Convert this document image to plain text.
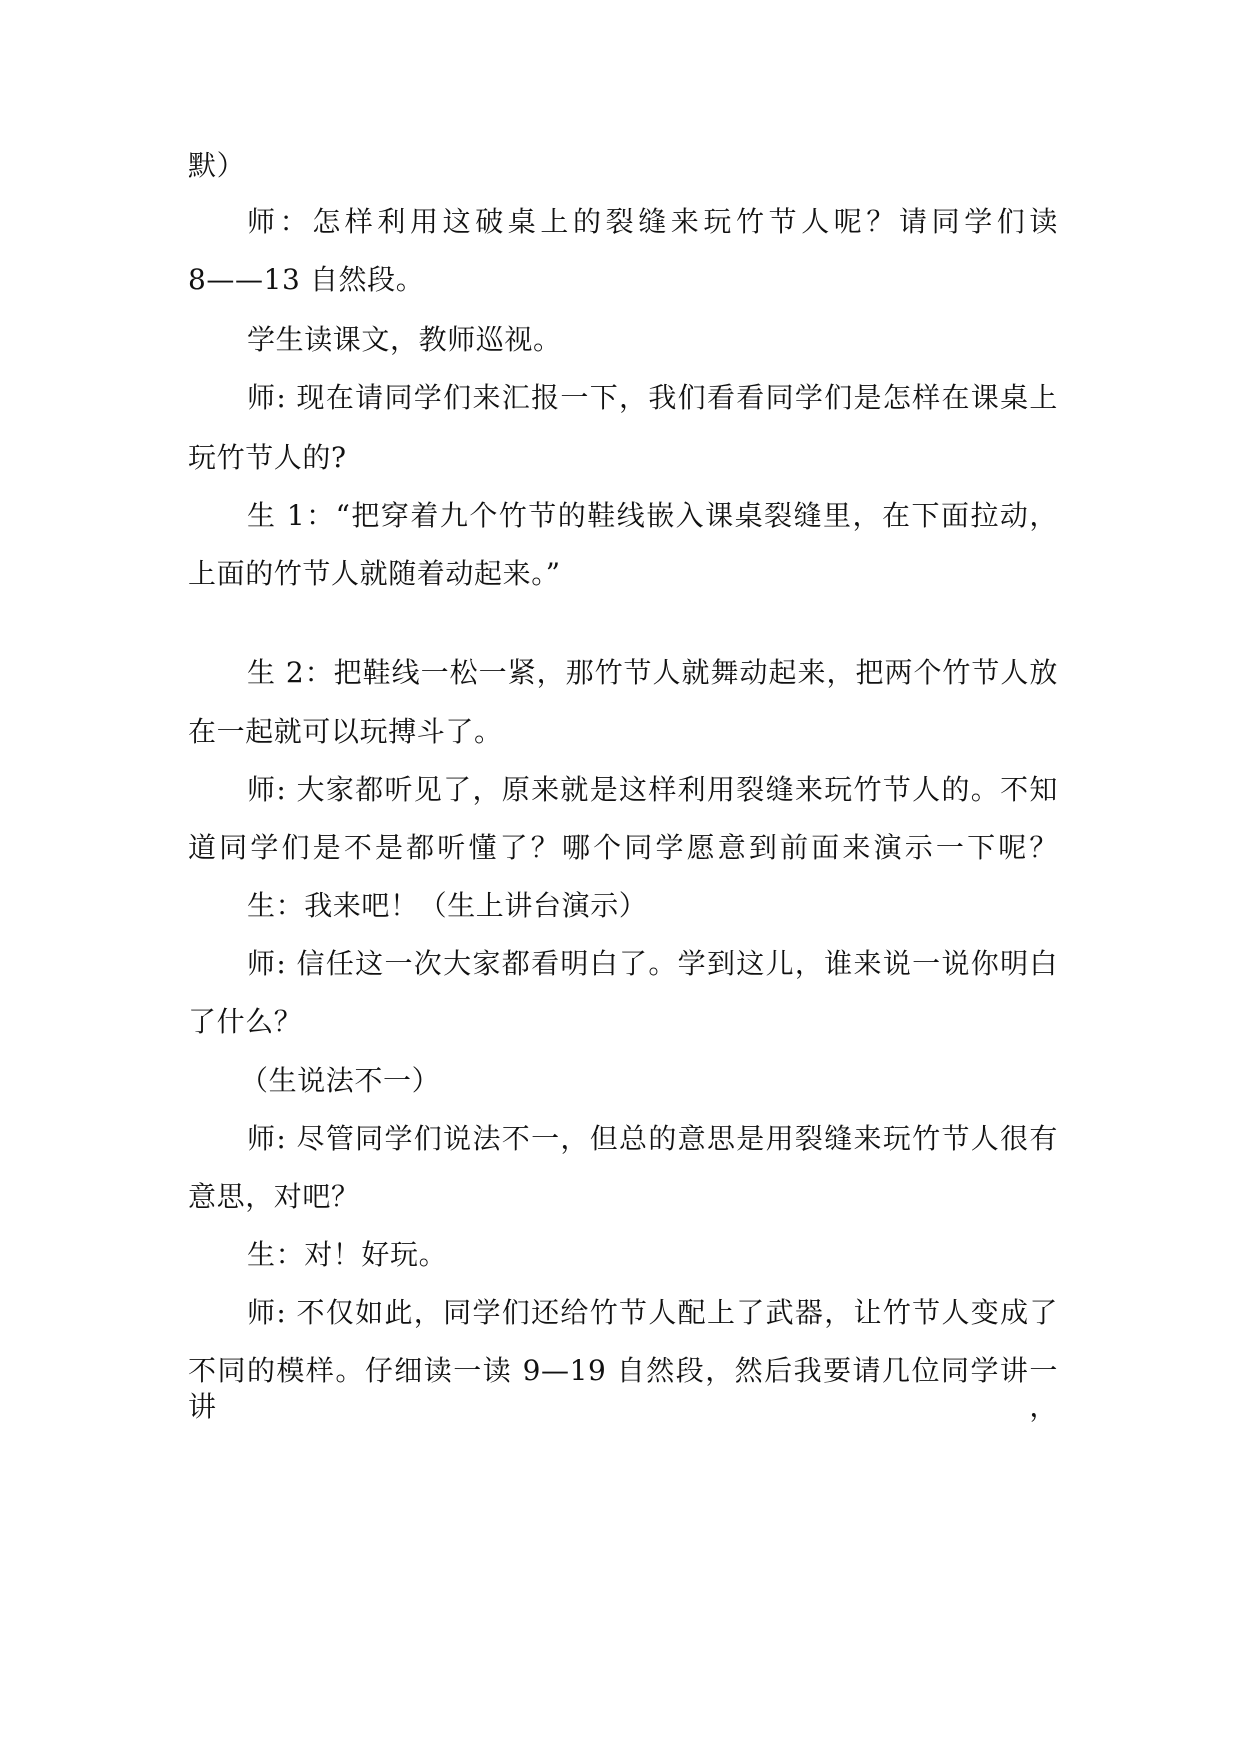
默）
师：怎样利用这破桌上的裂缝来玩竹节人呢？请同学们读
8——13 自然段。
学生读课文，教师巡视。
师: 现在请同学们来汇报一下，我们看看同学们是怎样在课桌上
玩竹节人的?
生 1：“把穿着九个竹节的鞋线嵌入课桌裂缝里，在下面拉动，
上面的竹节人就随着动起来。”
生 2：把鞋线一松一紧，那竹节人就舞动起来，把两个竹节人放
在一起就可以玩搏斗了。
师: 大家都听见了，原来就是这样利用裂缝来玩竹节人的。不知
道同学们是不是都听懂了？哪个同学愿意到前面来演示一下呢？
生：我来吧！（生上讲台演示）
师: 信任这一次大家都看明白了。学到这儿，谁来说一说你明白
了什么？
（生说法不一）
师: 尽管同学们说法不一，但总的意思是用裂缝来玩竹节人很有
意思，对吧？
生：对！好玩。
师: 不仅如此，同学们还给竹节人配上了武器，让竹节人变成了
不同的模样。仔细读一读 9—19 自然段，然后我要请几位同学讲一讲，
